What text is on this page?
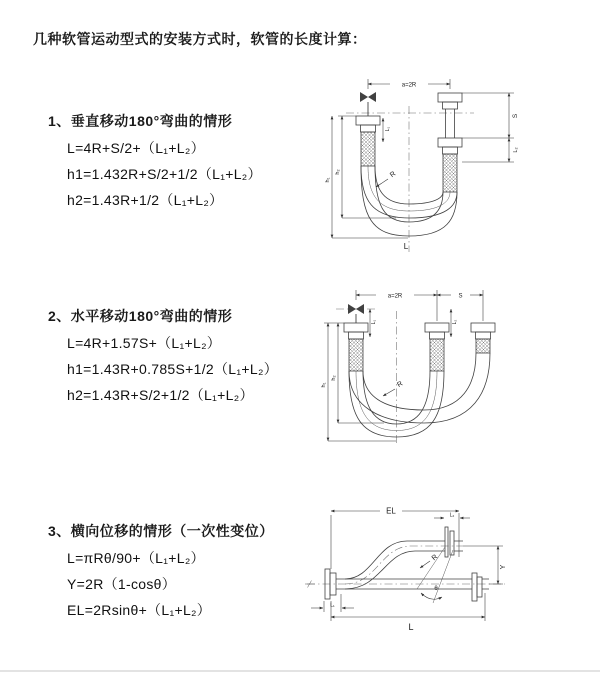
几种软管运动型式的安装方式时，软管的长度计算：
1、垂直移动180°弯曲的情形
L=4R+S/2+（L₁+L₂）
h1=1.432R+S/2+1/2（L₁+L₂）
h2=1.43R+1/2（L₁+L₂）
a=2R
S
L₂
h₁
h₂
L₁
R
L
2、水平移动180°弯曲的情形
L=4R+1.57S+（L₁+L₂）
h1=1.43R+0.785S+1/2（L₁+L₂）
h2=1.43R+S/2+1/2（L₁+L₂）
a=2R	S
h₁
h₂
L₁	L₂
R
3、横向位移的情形（一次性变位）
L=πRθ/90+（L₁+L₂）
Y=2R（1-cosθ）
EL=2Rsinθ+（L₁+L₂）
θ
EL	L₂
Y
L
L₁
R
